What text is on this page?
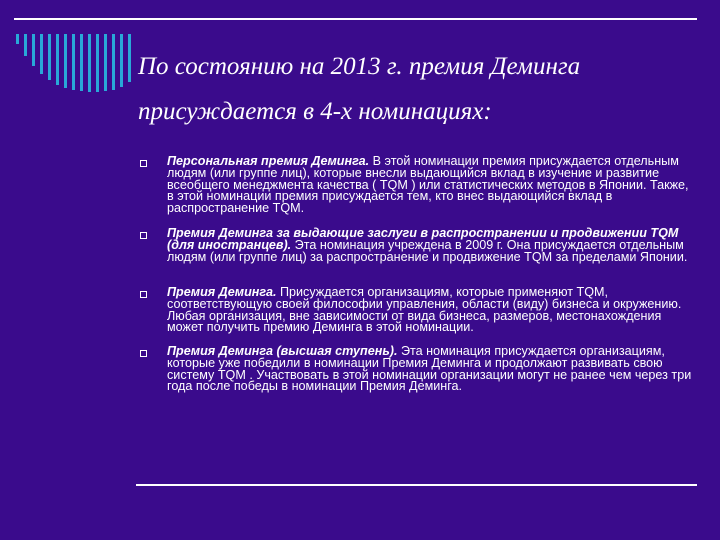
По состоянию на 2013 г. премия Деминга присуждается в 4-х номинациях:
Персональная премия Деминга. В этой номинации премия присуждается отдельным людям (или группе лиц), которые внесли выдающийся вклад в изучение и развитие всеобщего менеджмента качества ( TQM ) или статистических методов в Японии. Также, в этой номинации премия присуждается тем, кто внес выдающийся вклад в распространение TQM.
Премия Деминга за выдающие заслуги в распространении и продвижении TQM (для иностранцев). Эта номинация учреждена в 2009 г. Она присуждается отдельным людям (или группе лиц) за распространение и продвижение TQM за пределами Японии.
Премия Деминга. Присуждается организациям, которые применяют TQM, соответствующую своей философии управления, области (виду) бизнеса и окружению. Любая организация, вне зависимости от вида бизнеса, размеров, местонахождения может получить премию Деминга в этой номинации.
Премия Деминга (высшая ступень). Эта номинация присуждается организациям, которые уже победили в номинации Премия Деминга и продолжают развивать свою систему TQM . Участвовать в этой номинации организации могут не ранее чем через три года после победы в номинации Премия Деминга.
